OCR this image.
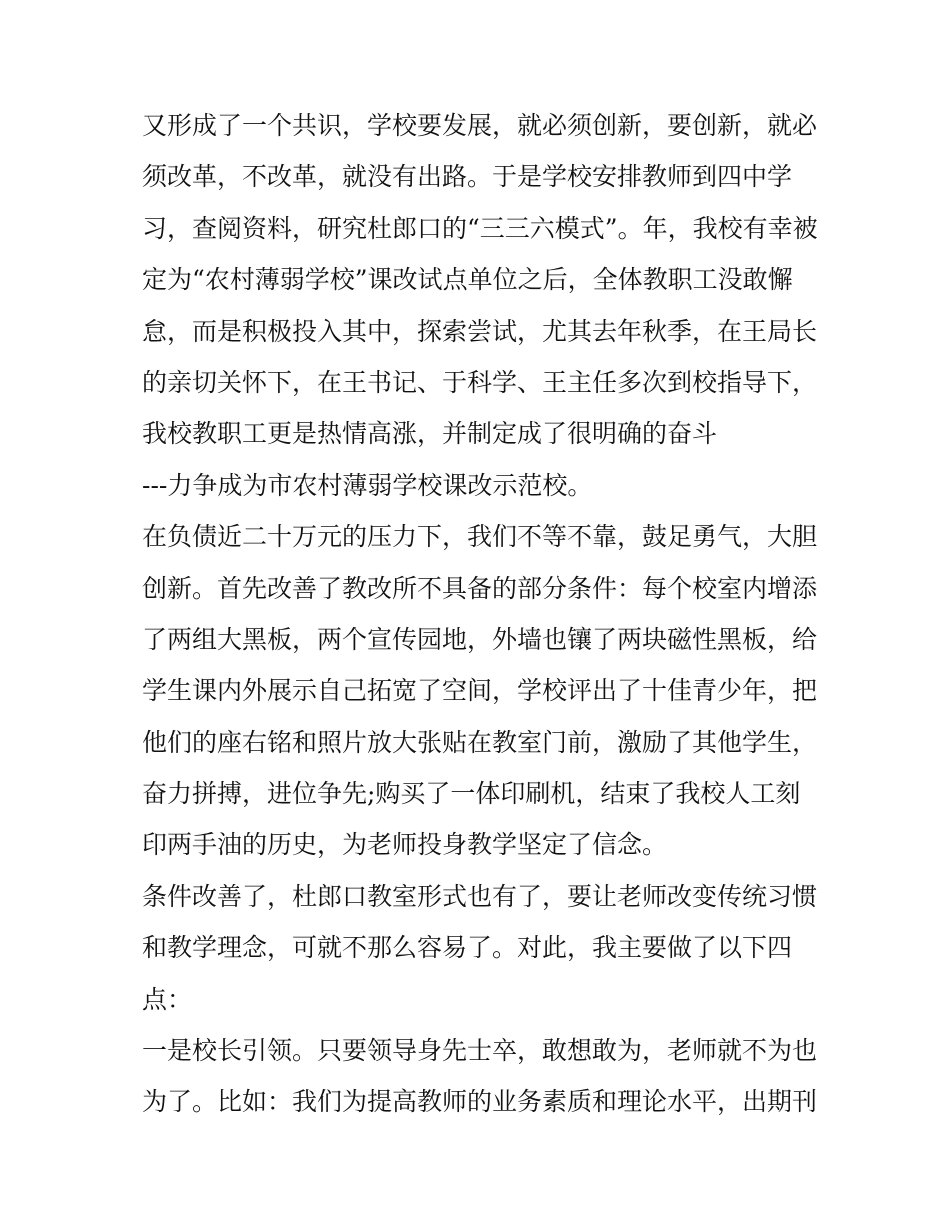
又形成了一个共识，学校要发展，就必须创新，要创新，就必
须改革，不改革，就没有出路。于是学校安排教师到四中学
习，查阅资料，研究杜郎口的“三三六模式”。年，我校有幸被
定为“农村薄弱学校”课改试点单位之后，全体教职工没敢懈
怠，而是积极投入其中，探索尝试，尤其去年秋季，在王局长
的亲切关怀下，在王书记、于科学、王主任多次到校指导下，
我校教职工更是热情高涨，并制定成了很明确的奋斗
---力争成为市农村薄弱学校课改示范校。
在负债近二十万元的压力下，我们不等不靠，鼓足勇气，大胆
创新。首先改善了教改所不具备的部分条件：每个校室内增添
了两组大黑板，两个宣传园地，外墙也镶了两块磁性黑板，给
学生课内外展示自己拓宽了空间，学校评出了十佳青少年，把
他们的座右铭和照片放大张贴在教室门前，激励了其他学生，
奋力拼搏，进位争先;购买了一体印刷机，结束了我校人工刻
印两手油的历史，为老师投身教学坚定了信念。
条件改善了，杜郎口教室形式也有了，要让老师改变传统习惯
和教学理念，可就不那么容易了。对此，我主要做了以下四
点：
一是校长引领。只要领导身先士卒，敢想敢为，老师就不为也
为了。比如：我们为提高教师的业务素质和理论水平，出期刊
